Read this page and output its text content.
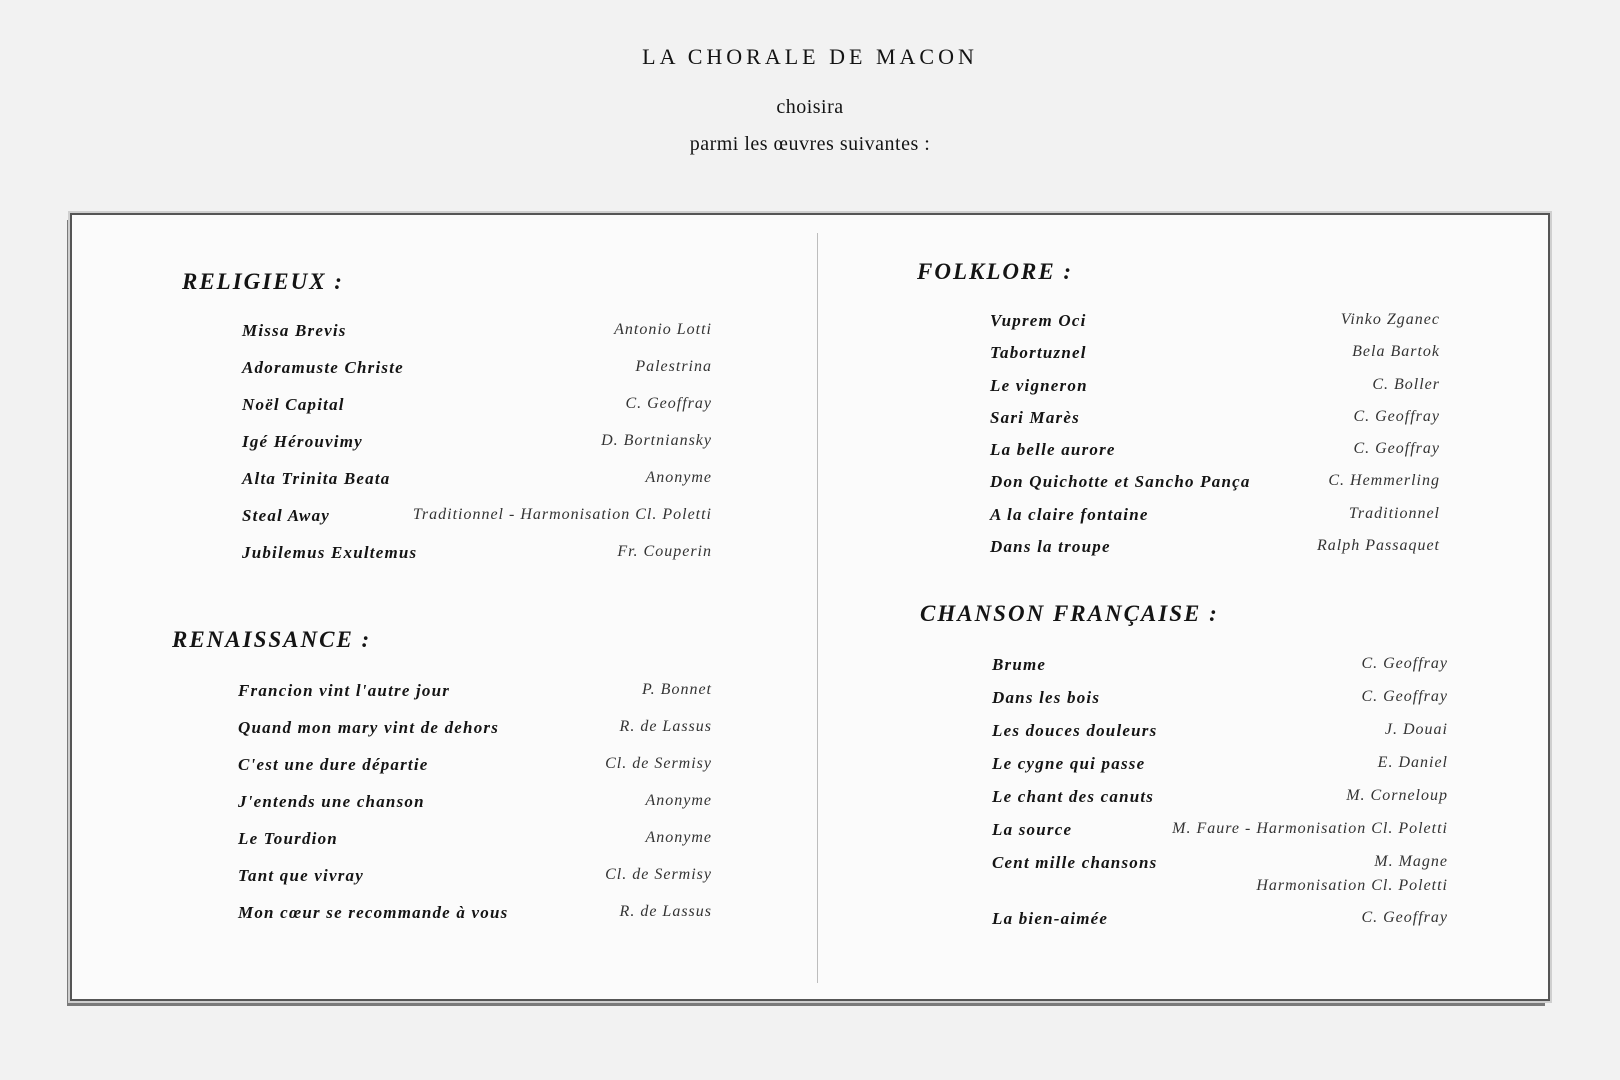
LA CHORALE DE MACON
choisira
parmi les œuvres suivantes :
RELIGIEUX :
Missa Brevis	Antonio Lotti
Adoramuste Christe	Palestrina
Noël Capital	C. Geoffray
Igé Hérouvimy	D. Bortniansky
Alta Trinita Beata	Anonyme
Steal Away	Traditionnel - Harmonisation Cl. Poletti
Jubilemus Exultemus	Fr. Couperin
RENAISSANCE :
Francion vint l'autre jour	P. Bonnet
Quand mon mary vint de dehors	R. de Lassus
C'est une dure départie	Cl. de Sermisy
J'entends une chanson	Anonyme
Le Tourdion	Anonyme
Tant que vivray	Cl. de Sermisy
Mon cœur se recommande à vous	R. de Lassus
FOLKLORE :
Vuprem Oci	Vinko Zganec
Tabortuznel	Bela Bartok
Le vigneron	C. Boller
Sari Marès	C. Geoffray
La belle aurore	C. Geoffray
Don Quichotte et Sancho Pança	C. Hemmerling
A la claire fontaine	Traditionnel
Dans la troupe	Ralph Passaquet
CHANSON FRANÇAISE :
Brume	C. Geoffray
Dans les bois	C. Geoffray
Les douces douleurs	J. Douai
Le cygne qui passe	E. Daniel
Le chant des canuts	M. Corneloup
La source	M. Faure - Harmonisation Cl. Poletti
Cent mille chansons	M. Magne
Harmonisation Cl. Poletti
La bien-aimée	C. Geoffray
